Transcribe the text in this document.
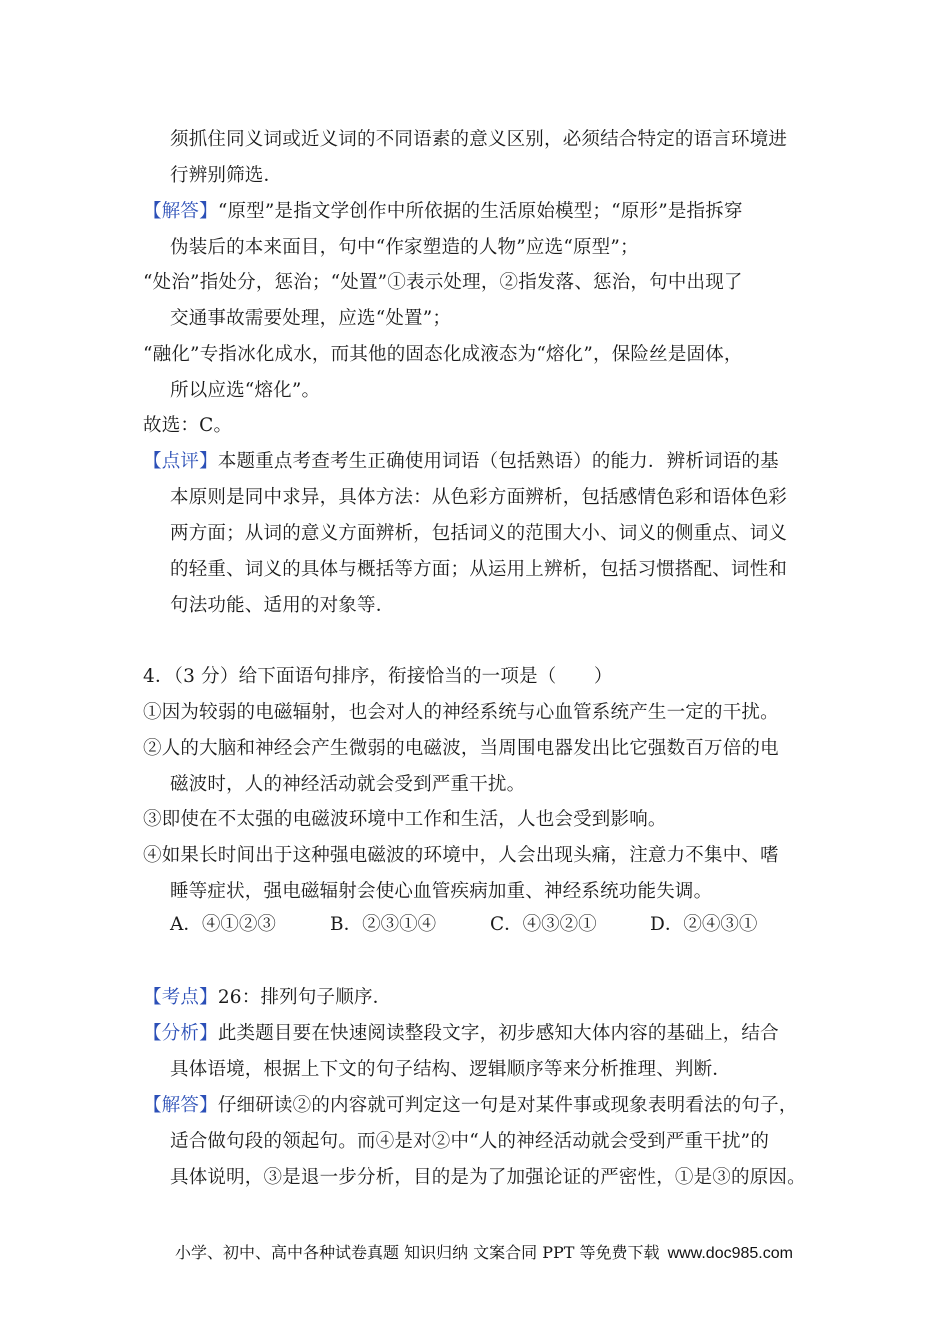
须抓住同义词或近义词的不同语素的意义区别，必须结合特定的语言环境进
行辨别筛选．
【解答】“原型”是指文学创作中所依据的生活原始模型；“原形”是指拆穿
伪装后的本来面目，句中“作家塑造的人物”应选“原型”；
“处治”指处分，惩治；“处置”①表示处理，②指发落、惩治，句中出现了
交通事故需要处理，应选“处置”；
“融化”专指冰化成水，而其他的固态化成液态为“熔化”，保险丝是固体，
所以应选“熔化”。
故选：C。
【点评】本题重点考查考生正确使用词语（包括熟语）的能力．辨析词语的基
本原则是同中求异，具体方法：从色彩方面辨析，包括感情色彩和语体色彩
两方面；从词的意义方面辨析，包括词义的范围大小、词义的侧重点、词义
的轻重、词义的具体与概括等方面；从运用上辨析，包括习惯搭配、词性和
句法功能、适用的对象等．
4．（3 分）给下面语句排序，衔接恰当的一项是（　　）
①因为较弱的电磁辐射，也会对人的神经系统与心血管系统产生一定的干扰。
②人的大脑和神经会产生微弱的电磁波，当周围电器发出比它强数百万倍的电
磁波时，人的神经活动就会受到严重干扰。
③即使在不太强的电磁波环境中工作和生活，人也会受到影响。
④如果长时间出于这种强电磁波的环境中，人会出现头痛，注意力不集中、嗜
睡等症状，强电磁辐射会使心血管疾病加重、神经系统功能失调。
A．④①②③	B．②③①④	C．④③②①	D．②④③①
【考点】26：排列句子顺序．
【分析】此类题目要在快速阅读整段文字，初步感知大体内容的基础上，结合
具体语境，根据上下文的句子结构、逻辑顺序等来分析推理、判断．
【解答】仔细研读②的内容就可判定这一句是对某件事或现象表明看法的句子，
适合做句段的领起句。而④是对②中“人的神经活动就会受到严重干扰”的
具体说明，③是退一步分析，目的是为了加强论证的严密性，①是③的原因。
小学、初中、高中各种试卷真题 知识归纳 文案合同 PPT 等免费下载 www.doc985.com
